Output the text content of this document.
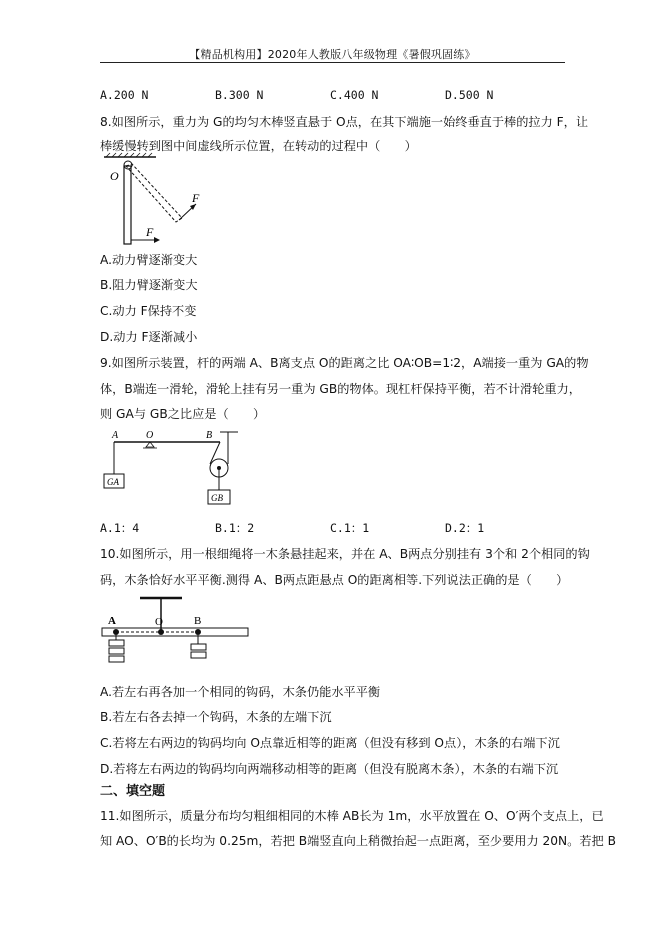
【精品机构用】2020年人教版八年级物理《暑假巩固练》
A.200 N	B.300 N	C.400 N	D.500 N
8.如图所示，重力为 G的均匀木棒竖直悬于 O点，在其下端施一始终垂直于棒的拉力 F，让
棒缓慢转到图中间虚线所示位置，在转动的过程中（　　）
O
F
F
A.动力臂逐渐变大
B.阻力臂逐渐变大
C.动力 F保持不变
D.动力 F逐渐减小
9.如图所示装置，杆的两端 A、B离支点 O的距离之比 OA∶OB=1∶2，A端接一重为 GA的物
体，B端连一滑轮，滑轮上挂有另一重为 GB的物体。现杠杆保持平衡，若不计滑轮重力，
则 GA与 GB之比应是（　　）
GA
GB
A	O	B
A.1：4	B.1：2	C.1：1	D.2：1
10.如图所示，用一根细绳将一木条悬挂起来，并在 A、B两点分别挂有 3个和 2个相同的钩
码，木条恰好水平平衡.测得 A、B两点距悬点 O的距离相等.下列说法正确的是（　　）
A	O	B
A.若左右再各加一个相同的钩码，木条仍能水平平衡
B.若左右各去掉一个钩码，木条的左端下沉
C.若将左右两边的钩码均向 O点靠近相等的距离（但没有移到 O点），木条的右端下沉
D.若将左右两边的钩码均向两端移动相等的距离（但没有脱离木条），木条的右端下沉
二、填空题
11.如图所示，质量分布均匀粗细相同的木棒 AB长为 1m，水平放置在 O、O′两个支点上，已
知 AO、O′B的长均为 0.25m，若把 B端竖直向上稍微抬起一点距离，至少要用力 20N。若把 B
